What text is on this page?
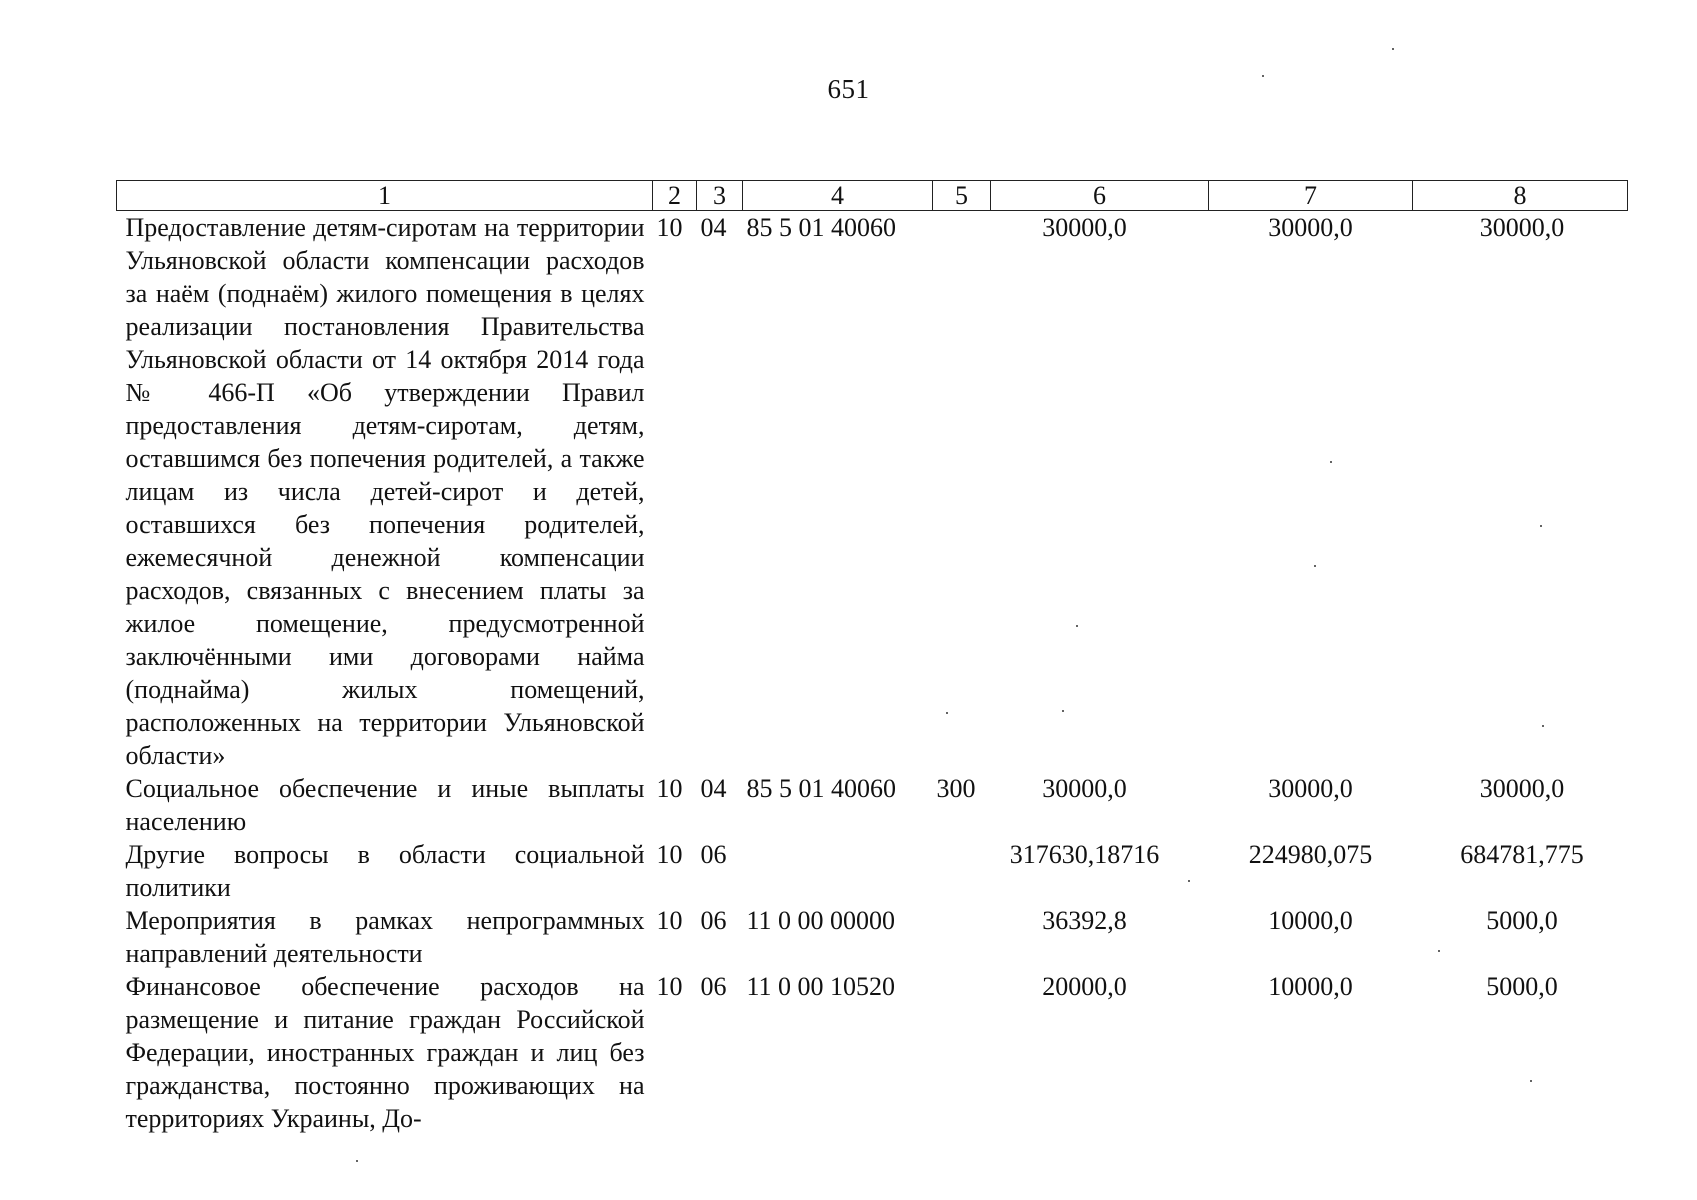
651
1	2	3	4	5	6	7	8
Предоставление детям-сиротам на территории Ульяновской области компенсации расходов за наём (поднаём) жилого помещения в целях реализации постановления Правительства Ульяновской области от 14 октября 2014 года № 466-П «Об утверждении Правил предоставления детям-сиротам, детям, оставшимся без попечения родителей, а также лицам из числа детей-сирот и детей, оставшихся без попечения родителей, ежемесячной денежной компенсации расходов, связанных с внесением платы за жилое помещение, предусмотренной заключёнными ими договорами найма (поднайма) жилых помещений, расположенных на территории Ульяновской области»	10	04	85 5 01 40060		30000,0	30000,0	30000,0
Социальное обеспечение и иные выплаты населению	10	04	85 5 01 40060	300	30000,0	30000,0	30000,0
Другие вопросы в области социальной политики	10	06			317630,18716	224980,075	684781,775
Мероприятия в рамках непрограммных направлений деятельности	10	06	11 0 00 00000		36392,8	10000,0	5000,0
Финансовое обеспечение расходов на размещение и питание граждан Российской Федерации, иностранных граждан и лиц без гражданства, постоянно проживающих на территориях Украины, До-	10	06	11 0 00 10520		20000,0	10000,0	5000,0
